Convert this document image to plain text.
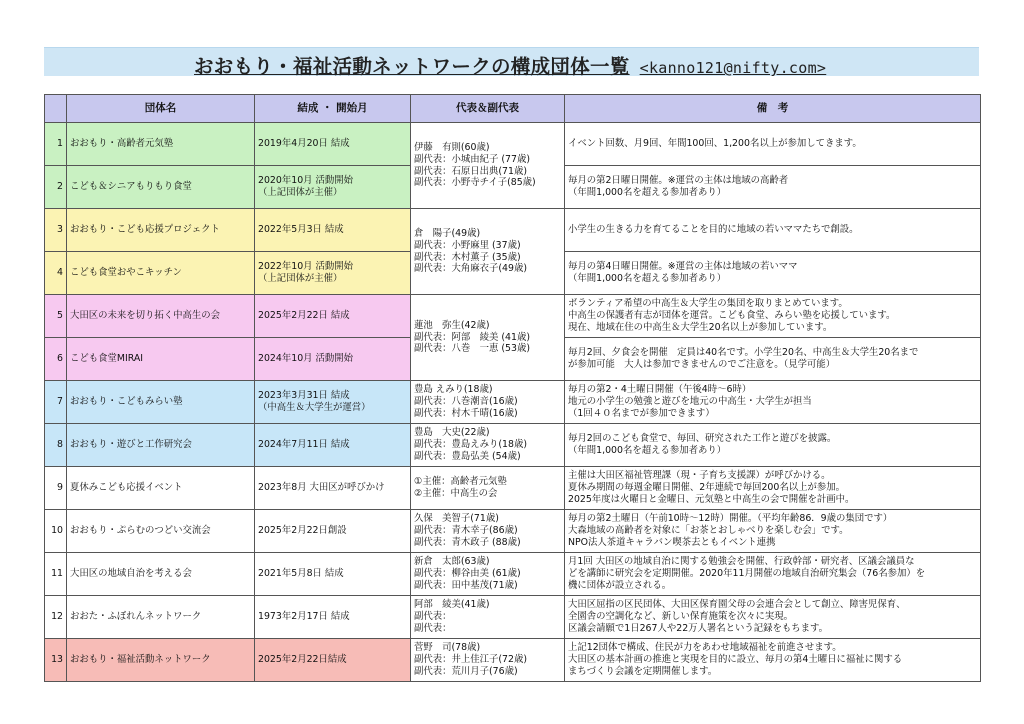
おおもり・福祉活動ネットワークの構成団体一覧 <kanno121@nifty.com>
	団体名	結成 ・ 開始月	代表＆副代表	備　考
1	おおもり・高齢者元気塾	2019年4月20日 結成	伊藤　有則(60歳)
副代表：小城由紀子 (77歳)
副代表：石原日出典(71歳)
副代表：小野寺チイ子(85歳)	イベント回数、月9回、年間100回、1,200名以上が参加してきます。

2	こども＆シニアもりもり食堂	2020年10月 活動開始
（上記団体が主催）		毎月の第2日曜日開催。※運営の主体は地域の高齢者
（年間1,000名を超える参加者あり）

3	おおもり・こども応援プロジェクト	2022年5月3日 結成	倉　陽子(49歳)
副代表：小野麻里 (37歳)
副代表：木村薫子 (35歳)
副代表：大角麻衣子(49歳)	小学生の生きる力を育てることを目的に地域の若いママたちで創設。

4	こども食堂おやこキッチン	2022年10月 活動開始
（上記団体が主催）		毎月の第4日曜日開催。※運営の主体は地域の若いママ
（年間1,000名を超える参加者あり）

5	大田区の未来を切り拓く中高生の会	2025年2月22日 結成	蓮池　弥生(42歳)
副代表：阿部　綾美 (41歳)
副代表：八巻　一恵 (53歳)	ボランティア希望の中高生＆大学生の集団を取りまとめています。
中高生の保護者有志が団体を運営。こども食堂、みらい塾を応援しています。
現在、地域在住の中高生＆大学生20名以上が参加しています。

6	こども食堂MIRAI	2024年10月 活動開始		毎月2回、夕食会を開催　定員は40名です。小学生20名、中高生＆大学生20名まで
が参加可能　大人は参加できませんのでご注意を。（見学可能）

7	おおもり・こどもみらい塾	2023年3月31日 結成
（中高生＆大学生が運営）	豊島 えみり(18歳)
副代表：八巻潮音(16歳)
副代表：村木千晴(16歳)	毎月の第2・4土曜日開催（午後4時～6時）
地元の小学生の勉強と遊びを地元の中高生・大学生が担当
（1回４０名までが参加できます）

8	おおもり・遊びと工作研究会	2024年7月11日 結成	豊島　大史(22歳)
副代表：豊島えみり(18歳)
副代表：豊島弘美 (54歳)	毎月2回のこども食堂で、毎回、研究された工作と遊びを披露。
（年間1,000名を超える参加者あり）

9	夏休みこども応援イベント	2023年8月 大田区が呼びかけ	①主催：高齢者元気塾
②主催：中高生の会	主催は大田区福祉管理課（現・子育ち支援課）が呼びかける。
夏休み期間の毎週金曜日開催、2年連続で毎回200名以上が参加。
2025年度は火曜日と金曜日、元気塾と中高生の会で開催を計画中。

10	おおもり・ぷらむのつどい交流会	2025年2月22日創設	久保　美智子(71歳)
副代表：青木幸子(86歳)
副代表：青木政子 (88歳)	毎月の第2土曜日（午前10時～12時）開催。（平均年齢86．9歳の集団です）
大森地域の高齢者を対象に「お茶とおしゃべりを楽しむ会」です。
NPO法人茶道キャラバン喫茶去ともイベント連携

11	大田区の地域自治を考える会	2021年5月8日 結成	新倉　太郎(63歳)
副代表：柳谷由美 (61歳)
副代表：田中基茂(71歳)	月1回 大田区の地域自治に関する勉強会を開催、行政幹部・研究者、区議会議員な
どを講師に研究会を定期開催。2020年11月開催の地域自治研究集会（76名参加）を
機に団体が設立される。

12	おおた・ふぼれんネットワーク	1973年2月17日 結成	阿部　綾美(41歳)
副代表：
副代表：	大田区屈指の区民団体、大田区保育園父母の会連合会として創立、障害児保育、
全園舎の空調化など、新しい保育施策を次々に実現。
区議会請願で1日267人や22万人署名という記録をもちます。

13	おおもり・福祉活動ネットワーク	2025年2月22日結成	菅野　司(78歳)
副代表：井上佳江子(72歳)
副代表：荒川月子(76歳)	上記12団体で構成、住民が力をあわせ地域福祉を前進させます。
大田区の基本計画の推進と実現を目的に設立、毎月の第4土曜日に福祉に関する
まちづくり会議を定期開催します。
